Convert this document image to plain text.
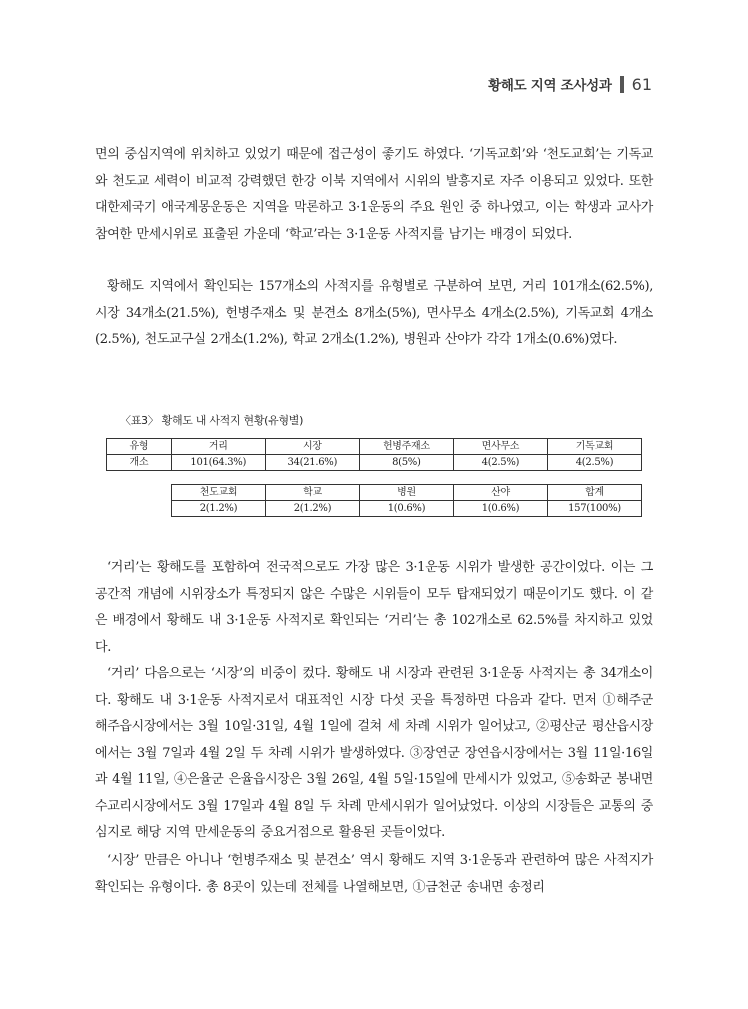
황해도 지역 조사성과 61

면의 중심지역에 위치하고 있었기 때문에 접근성이 좋기도 하였다. ‘기독교회’와 ‘천도교회’는 기독교와 천도교 세력이 비교적 강력했던 한강 이북 지역에서 시위의 발흥지로 자주 이용되고 있었다. 또한 대한제국기 애국계몽운동은 지역을 막론하고 3·1운동의 주요 원인 중 하나였고, 이는 학생과 교사가 참여한 만세시위로 표출된 가운데 ‘학교’라는 3·1운동 사적지를 남기는 배경이 되었다.

황해도 지역에서 확인되는 157개소의 사적지를 유형별로 구분하여 보면, 거리 101개소(62.5%), 시장 34개소(21.5%), 헌병주재소 및 분견소 8개소(5%), 면사무소 4개소(2.5%), 기독교회 4개소(2.5%), 천도교구실 2개소(1.2%), 학교 2개소(1.2%), 병원과 산야가 각각 1개소(0.6%)였다.

〈표3〉 황해도 내 사적지 현황(유형별)
유형	거리	시장	헌병주재소	면사무소	기독교회
개소	101(64.3%)	34(21.6%)	8(5%)	4(2.5%)	4(2.5%)
천도교회	학교	병원	산야	합계
2(1.2%)	2(1.2%)	1(0.6%)	1(0.6%)	157(100%)

‘거리’는 황해도를 포함하여 전국적으로도 가장 많은 3·1운동 시위가 발생한 공간이었다. 이는 그 공간적 개념에 시위장소가 특정되지 않은 수많은 시위들이 모두 탑재되었기 때문이기도 했다. 이 같은 배경에서 황해도 내 3·1운동 사적지로 확인되는 ‘거리’는 총 102개소로 62.5%를 차지하고 있었다.

‘거리’ 다음으로는 ‘시장’의 비중이 컸다. 황해도 내 시장과 관련된 3·1운동 사적지는 총 34개소이다. 황해도 내 3·1운동 사적지로서 대표적인 시장 다섯 곳을 특정하면 다음과 같다. 먼저 ①해주군 해주읍시장에서는 3월 10일·31일, 4월 1일에 걸쳐 세 차례 시위가 일어났고, ②평산군 평산읍시장에서는 3월 7일과 4월 2일 두 차례 시위가 발생하였다. ③장연군 장연읍시장에서는 3월 11일·16일과 4월 11일, ④은율군 은율읍시장은 3월 26일, 4월 5일·15일에 만세시가 있었고, ⑤송화군 봉내면 수교리시장에서도 3월 17일과 4월 8일 두 차례 만세시위가 일어났었다. 이상의 시장들은 교통의 중심지로 해당 지역 만세운동의 중요거점으로 활용된 곳들이었다.

‘시장’ 만큼은 아니나 ‘헌병주재소 및 분견소’ 역시 황해도 지역 3·1운동과 관련하여 많은 사적지가 확인되는 유형이다. 총 8곳이 있는데 전체를 나열해보면, ①금천군 송내면 송정리
